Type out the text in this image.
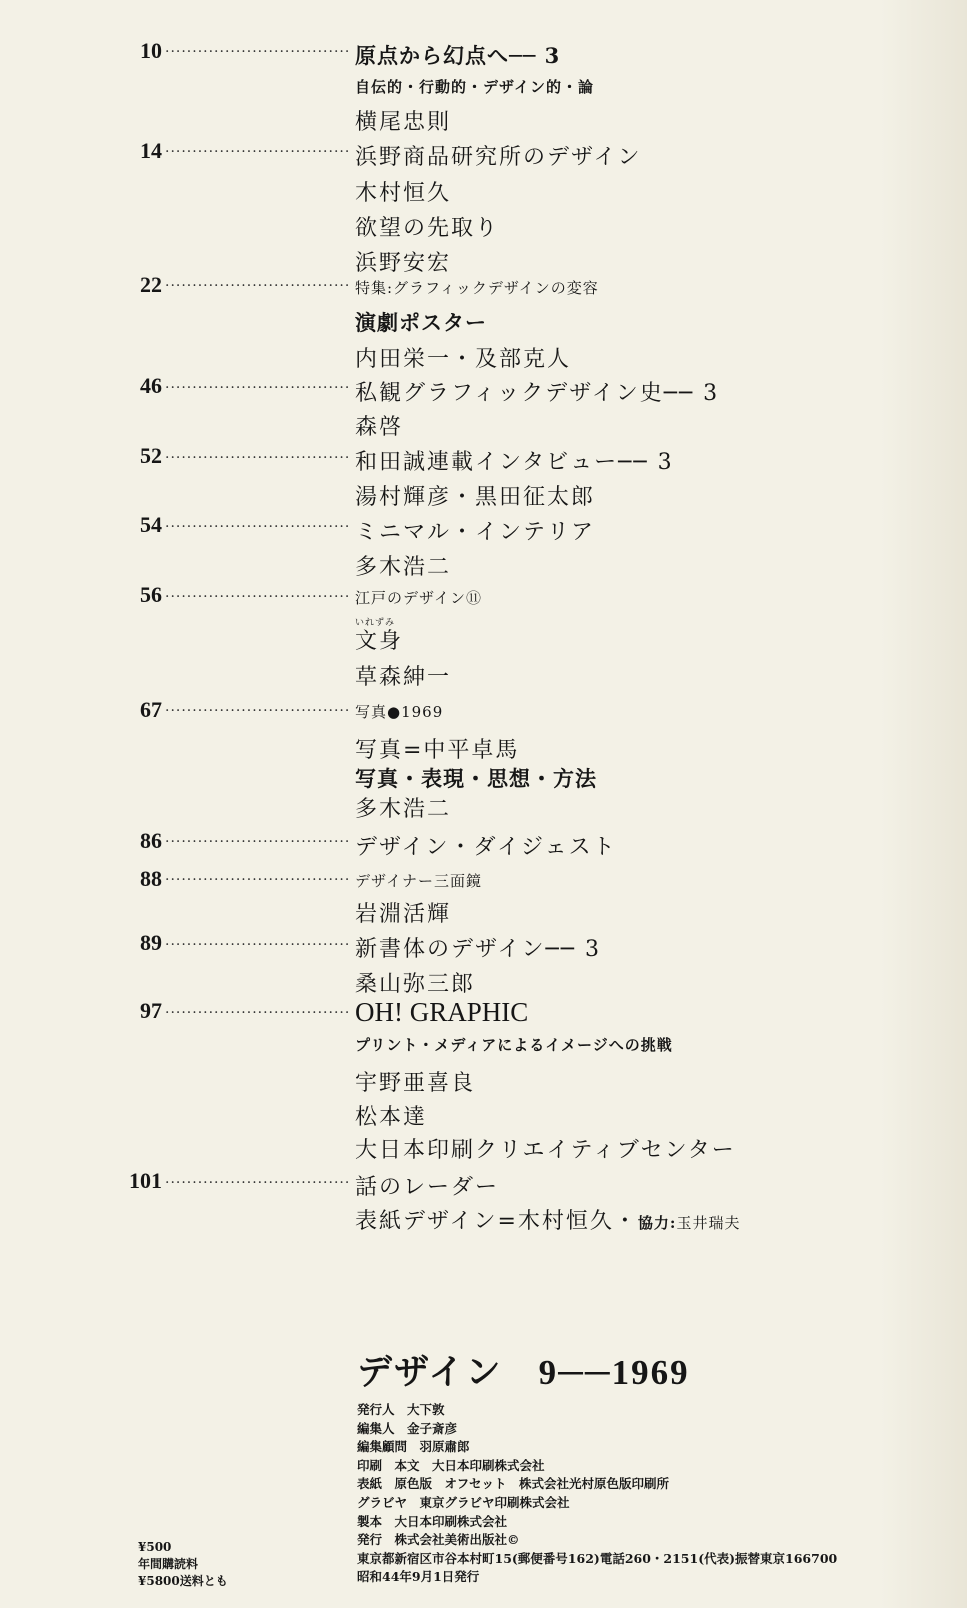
10 ·····	原点から幻点へ── 3
自伝的・行動的・デザイン的・論
横尾忠則
14 ·····	浜野商品研究所のデザイン
木村恒久
欲望の先取り
浜野安宏
22 ·····	特集:グラフィックデザインの変容
演劇ポスター
内田栄一・及部克人
46 ·····	私観グラフィックデザイン史── 3
森啓
52 ·····	和田誠連載インタビュー── 3
湯村輝彦・黒田征太郎
54 ·····	ミニマル・インテリア
多木浩二
56 ·····	江戸のデザイン⑪
いれずみ
文身
草森紳一
67 ·····	写真●1969
写真=中平卓馬
写真・表現・思想・方法
多木浩二
86 ·····	デザイン・ダイジェスト
88 ·····	デザイナー三面鏡
岩淵活輝
89 ·····	新書体のデザイン── 3
桑山弥三郎
97 ·····	OH! GRAPHIC
プリント・メディアによるイメージへの挑戦
宇野亜喜良
松本達
大日本印刷クリエイティブセンター
101 ·····	話のレーダー
表紙デザイン=木村恒久・協力:玉井瑞夫
デザイン 9──1969
発行人　大下敦
編集人　金子斎彦
編集顧問　羽原肅郎
印刷　本文　大日本印刷株式会社
表紙　原色版　オフセット　株式会社光村原色版印刷所
グラビヤ　東京グラビヤ印刷株式会社
製本　大日本印刷株式会社
発行　株式会社美術出版社©
東京都新宿区市谷本村町15(郵便番号162)電話260・2151(代表)振替東京166700
昭和44年9月1日発行
¥500
年間購読料
¥5800送料とも
